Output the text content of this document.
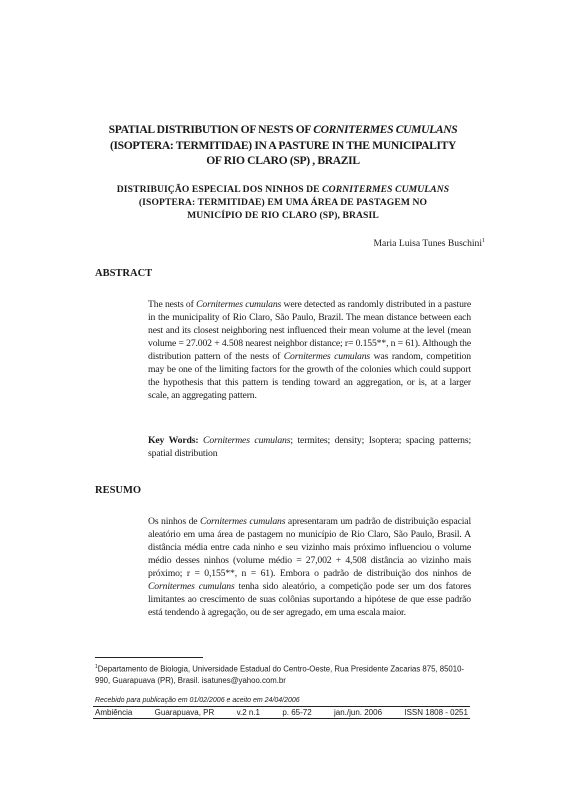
SPATIAL DISTRIBUTION OF NESTS OF CORNITERMES CUMULANS
(ISOPTERA: TERMITIDAE) IN A PASTURE IN THE MUNICIPALITY
OF RIO CLARO (SP) , BRAZIL
DISTRIBUIÇÃO ESPECIAL DOS NINHOS DE CORNITERMES CUMULANS
(ISOPTERA: TERMITIDAE) EM UMA ÁREA DE PASTAGEM NO
MUNICÍPIO DE RIO CLARO (SP), BRASIL
Maria Luisa Tunes Buschini$^1$
ABSTRACT
The nests of Cornitermes cumulans were detected as randomly distributed in a pasture in the municipality of Rio Claro, São Paulo, Brazil. The mean distance between each nest and its closest neighboring nest influenced their mean volume at the level (mean volume = 27.002 + 4.508 nearest neighbor distance; r= 0.155**, n = 61). Although the distribution pattern of the nests of Cornitermes cumulans was random, competition may be one of the limiting factors for the growth of the colonies which could support the hypothesis that this pattern is tending toward an aggregation, or is, at a larger scale, an aggregating pattern.
Key Words: Cornitermes cumulans; termites; density; Isoptera; spacing patterns; spatial distribution
RESUMO
Os ninhos de Cornitermes cumulans apresentaram um padrão de distribuição espacial aleatório em uma área de pastagem no município de Rio Claro, São Paulo, Brasil. A distância média entre cada ninho e seu vizinho mais próximo influenciou o volume médio desses ninhos (volume médio = 27,002 + 4,508 distância ao vizinho mais próximo; r = 0,155**, n = 61). Embora o padrão de distribuição dos ninhos de Cornitermes cumulans tenha sido aleatório, a competição pode ser um dos fatores limitantes ao crescimento de suas colônias suportando a hipótese de que esse padrão está tendendo à agregação, ou de ser agregado, em uma escala maior.
$^1$Departamento de Biologia, Universidade Estadual do Centro-Oeste, Rua Presidente Zacarias 875, 85010-990, Guarapuava (PR), Brasil. isatunes@yahoo.com.br
Recebido para publicação em 01/02/2006 e aceito em 24/04/2006
Ambiência	Guarapuava, PR	v.2 n.1	p. 65-72	jan./jun. 2006	ISSN 1808 - 0251
